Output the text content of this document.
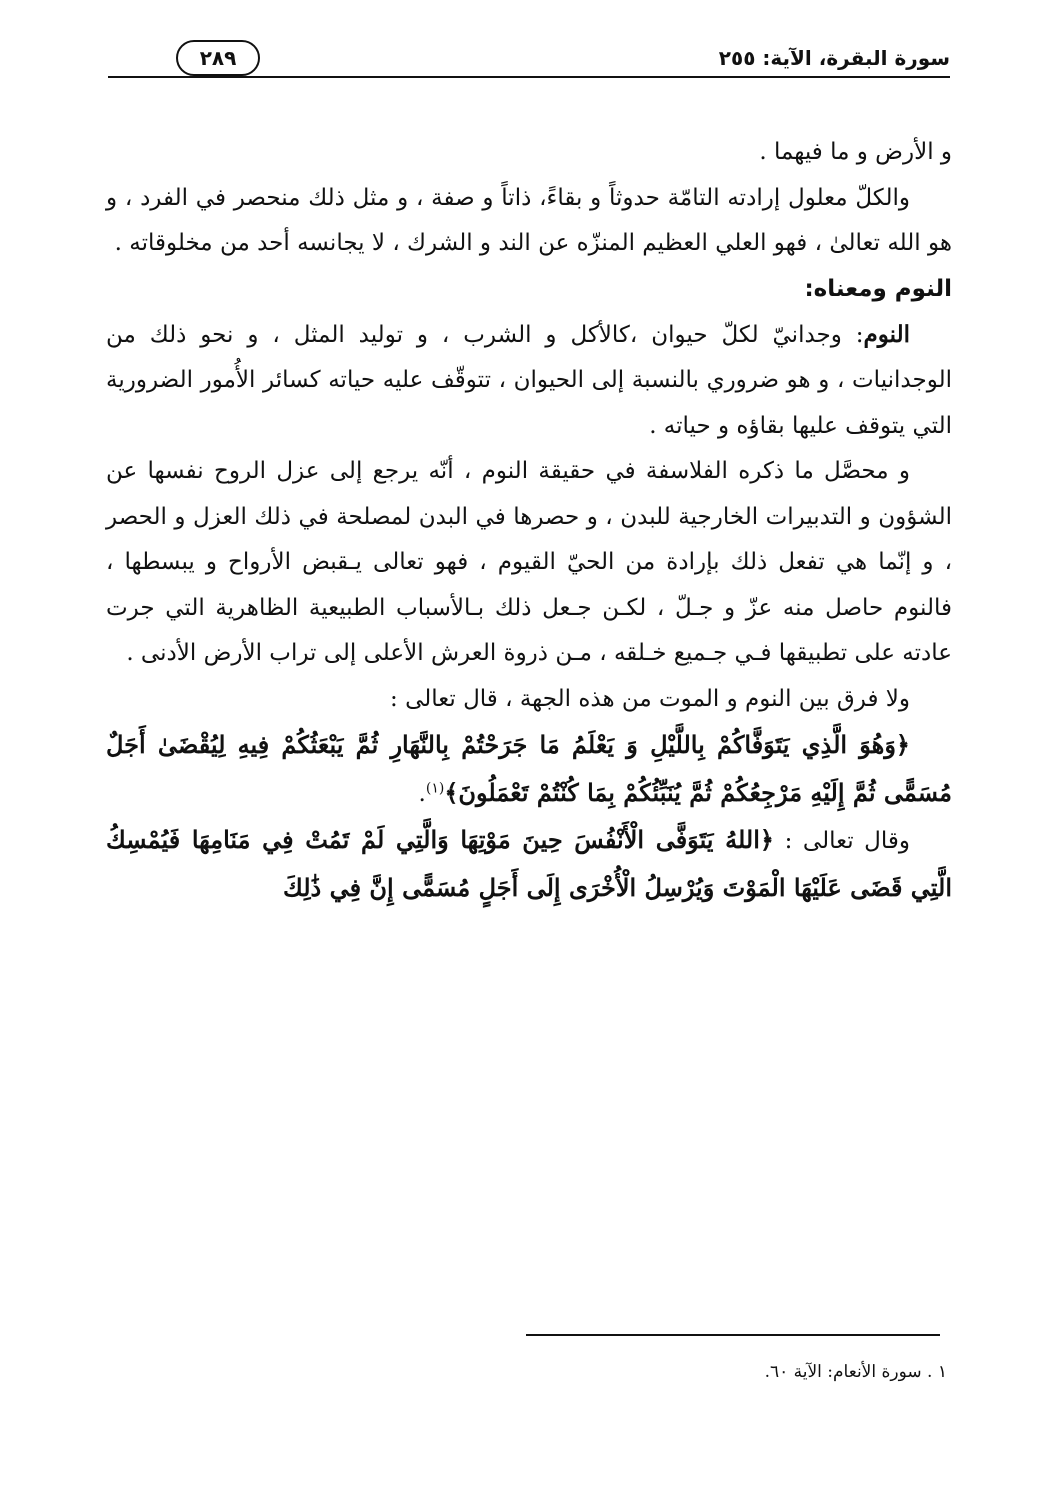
سورة البقرة، الآية: ٢٥٥
٢٨٩

و الأرض و ما فيهما .

والكلّ معلول إرادته التامّة حدوثاً و بقاءً، ذاتاً و صفة ، و مثل ذلك منحصر في الفرد ، و هو الله تعالىٰ ، فهو العلي العظيم المنزّه عن الند و الشرك ، لا يجانسه أحد من مخلوقاته .

النوم ومعناه:

النوم: وجدانيّ لكلّ حيوان ،كالأكل و الشرب ، و توليد المثل ، و نحو ذلك من الوجدانيات ، و هو ضروري بالنسبة إلى الحيوان ، تتوقّف عليه حياته كسائر الأُمور الضرورية التي يتوقف عليها بقاؤه و حياته .

و محصَّل ما ذكره الفلاسفة في حقيقة النوم ، أنّه يرجع إلى عزل الروح نفسها عن الشؤون و التدبيرات الخارجية للبدن ، و حصرها في البدن لمصلحة في ذلك العزل و الحصر ، و إنّما هي تفعل ذلك بإرادة من الحيّ القيوم ، فهو تعالى يـقبض الأرواح و يبسطها ، فالنوم حاصل منه عزّ و جـلّ ، لكـن جـعل ذلك بـالأسباب الطبيعية الظاهرية التي جرت عادته على تطبيقها فـي جـميع خـلقه ، مـن ذروة العرش الأعلى إلى تراب الأرض الأدنى .

ولا فرق بين النوم و الموت من هذه الجهة ، قال تعالى :

﴿وَهُوَ الَّذِي يَتَوَفَّاكُمْ بِاللَّيْلِ وَ يَعْلَمُ مَا جَرَحْتُمْ بِالنَّهَارِ ثُمَّ يَبْعَثُكُمْ فِيهِ لِيُقْضَىٰ أَجَلٌ مُسَمًّى ثُمَّ إِلَيْهِ مَرْجِعُكُمْ ثُمَّ يُنَبِّئُكُمْ بِمَا كُنْتُمْ تَعْمَلُونَ﴾$^{(١)}$.

وقال تعالى : ﴿اللهُ يَتَوَفَّى الْأَنْفُسَ حِينَ مَوْتِهَا وَالَّتِي لَمْ تَمُتْ فِي مَنَامِهَا فَيُمْسِكُ الَّتِي قَضَى عَلَيْهَا الْمَوْتَ وَيُرْسِلُ الْأُخْرَى إِلَى أَجَلٍ مُسَمًّى إِنَّ فِي ذَٰلِكَ

١ . سورة الأنعام: الآية ٦٠.
